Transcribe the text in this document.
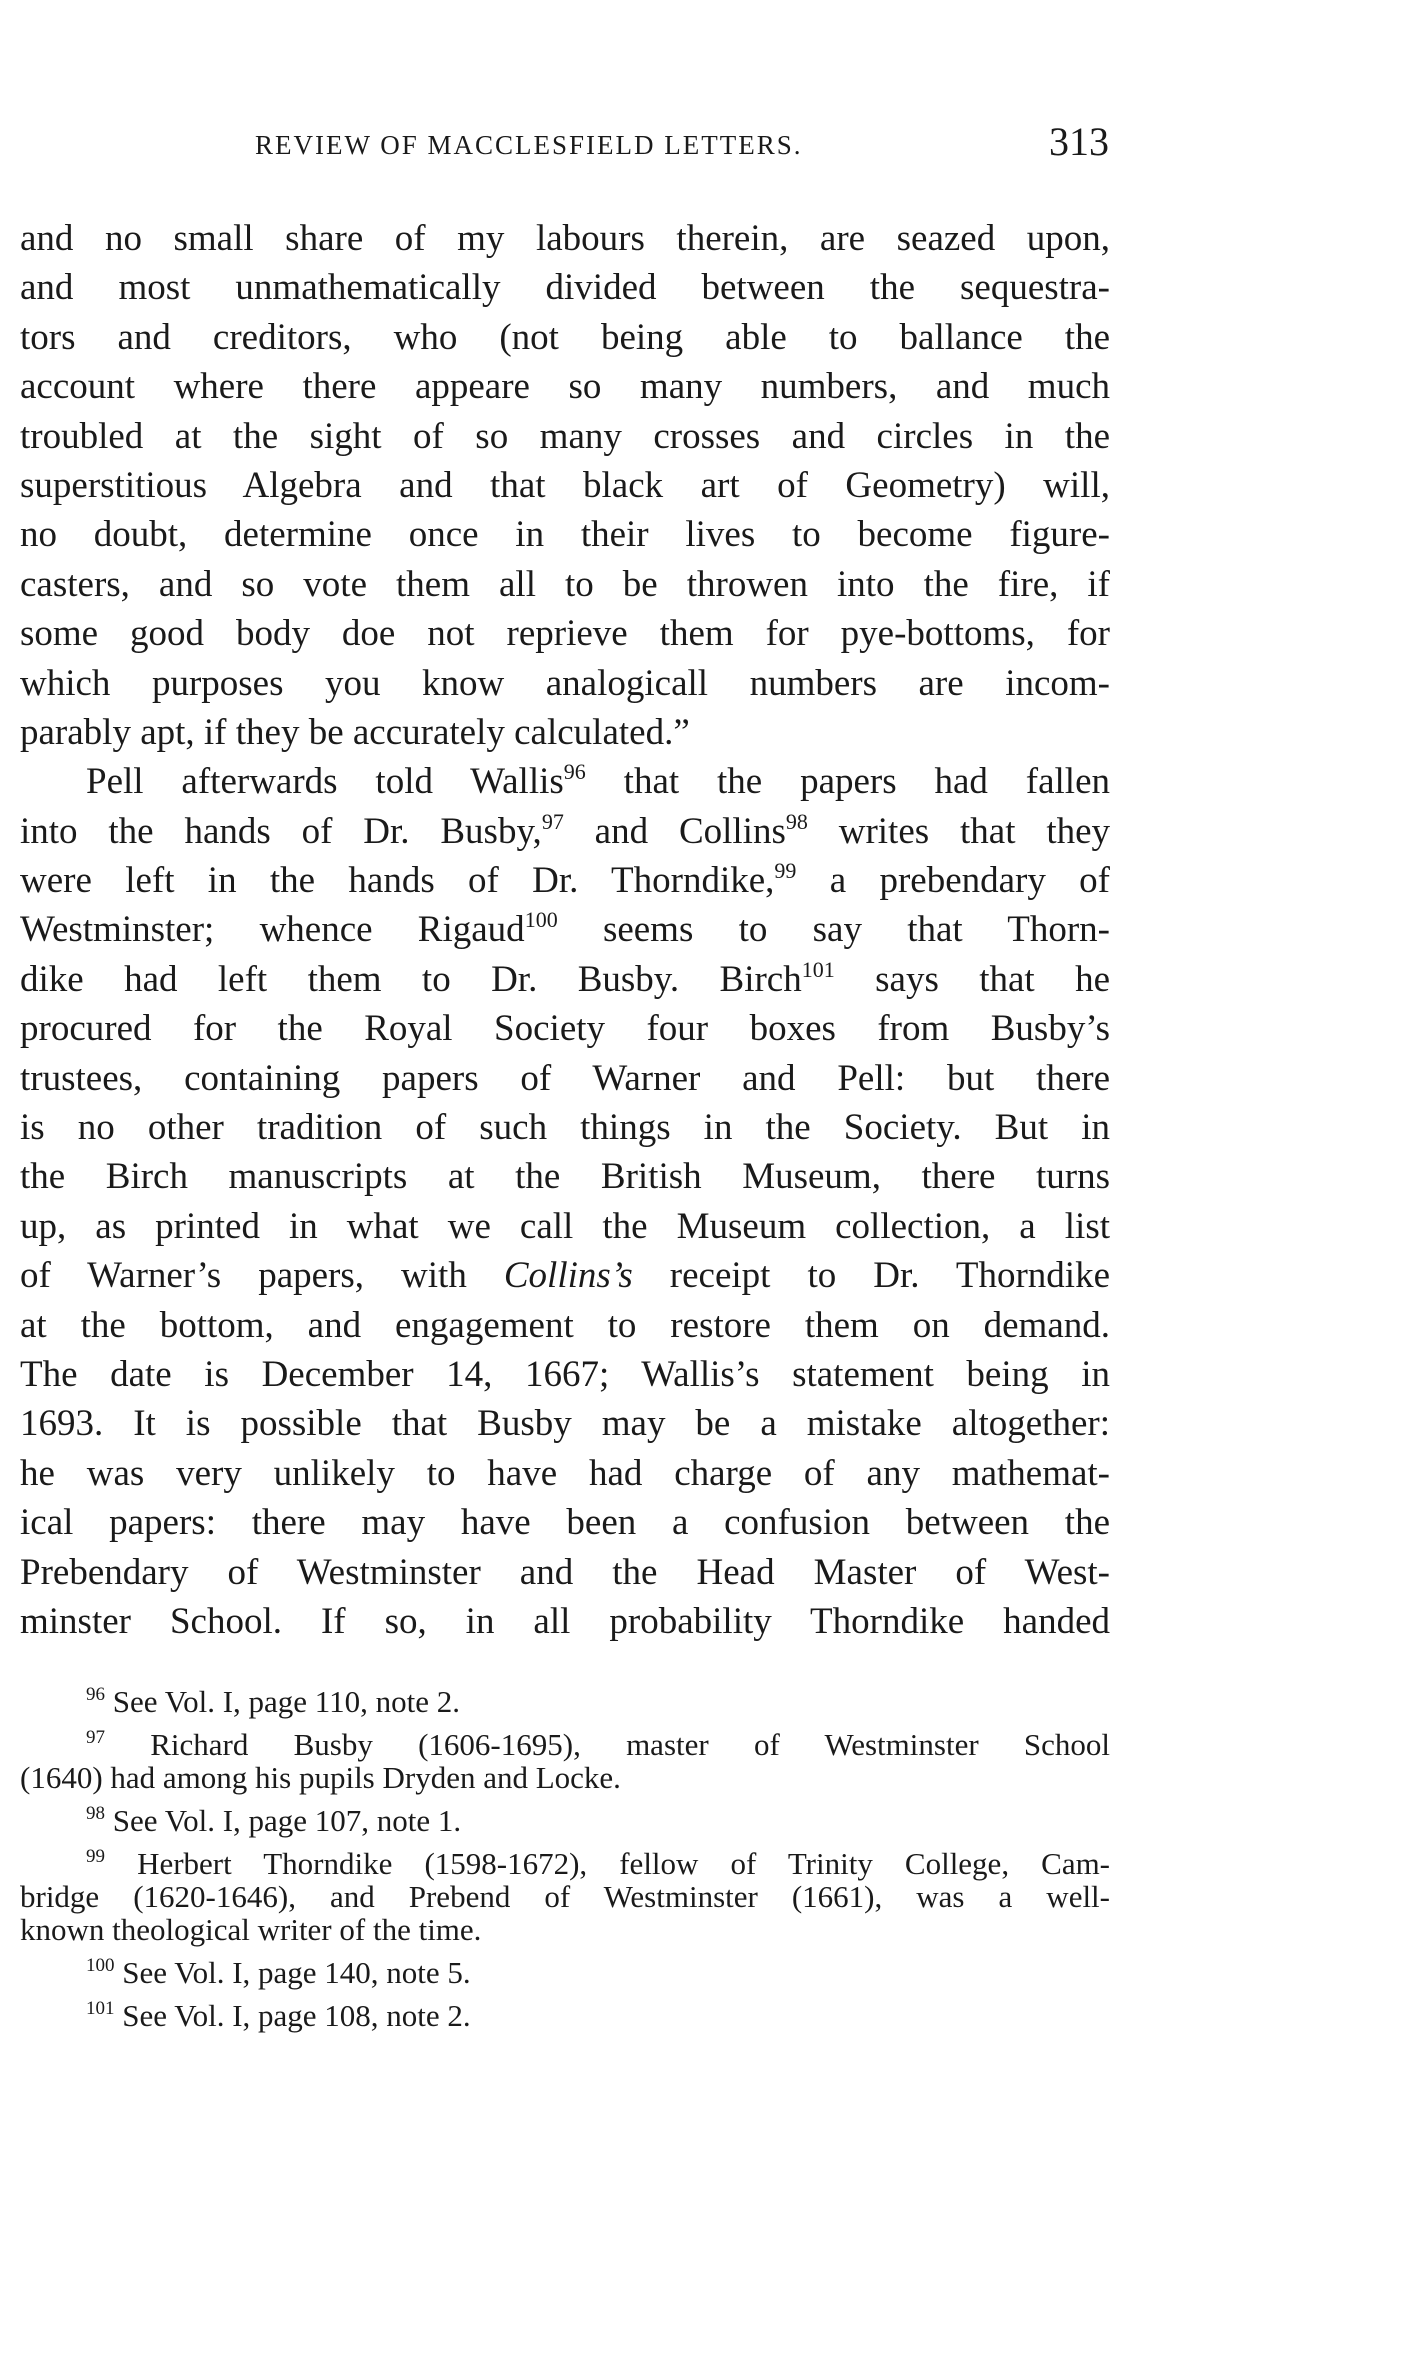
REVIEW OF MACCLESFIELD LETTERS.	313
and no small share of my labours therein, are seazed upon,
and most unmathematically divided between the sequestra-
tors and creditors, who (not being able to ballance the
account where there appeare so many numbers, and much
troubled at the sight of so many crosses and circles in the
superstitious Algebra and that black art of Geometry) will,
no doubt, determine once in their lives to become figure-
casters, and so vote them all to be throwen into the fire, if
some good body doe not reprieve them for pye-bottoms, for
which purposes you know analogicall numbers are incom-
parably apt, if they be accurately calculated.”
Pell afterwards told Wallis$^{96}$ that the papers had fallen
into the hands of Dr. Busby,$^{97}$ and Collins$^{98}$ writes that they
were left in the hands of Dr. Thorndike,$^{99}$ a prebendary of
Westminster; whence Rigaud$^{100}$ seems to say that Thorn-
dike had left them to Dr. Busby. Birch$^{101}$ says that he
procured for the Royal Society four boxes from Busby’s
trustees, containing papers of Warner and Pell: but there
is no other tradition of such things in the Society. But in
the Birch manuscripts at the British Museum, there turns
up, as printed in what we call the Museum collection, a list
of Warner’s papers, with Collins’s receipt to Dr. Thorndike
at the bottom, and engagement to restore them on demand.
The date is December 14, 1667; Wallis’s statement being in
1693. It is possible that Busby may be a mistake altogether:
he was very unlikely to have had charge of any mathemat-
ical papers: there may have been a confusion between the
Prebendary of Westminster and the Head Master of West-
minster School. If so, in all probability Thorndike handed
$^{96}$ See Vol. I, page 110, note 2.
$^{97}$ Richard Busby (1606-1695), master of Westminster School
(1640) had among his pupils Dryden and Locke.
$^{98}$ See Vol. I, page 107, note 1.
$^{99}$ Herbert Thorndike (1598-1672), fellow of Trinity College, Cam-
bridge (1620-1646), and Prebend of Westminster (1661), was a well-
known theological writer of the time.
$^{100}$ See Vol. I, page 140, note 5.
$^{101}$ See Vol. I, page 108, note 2.
